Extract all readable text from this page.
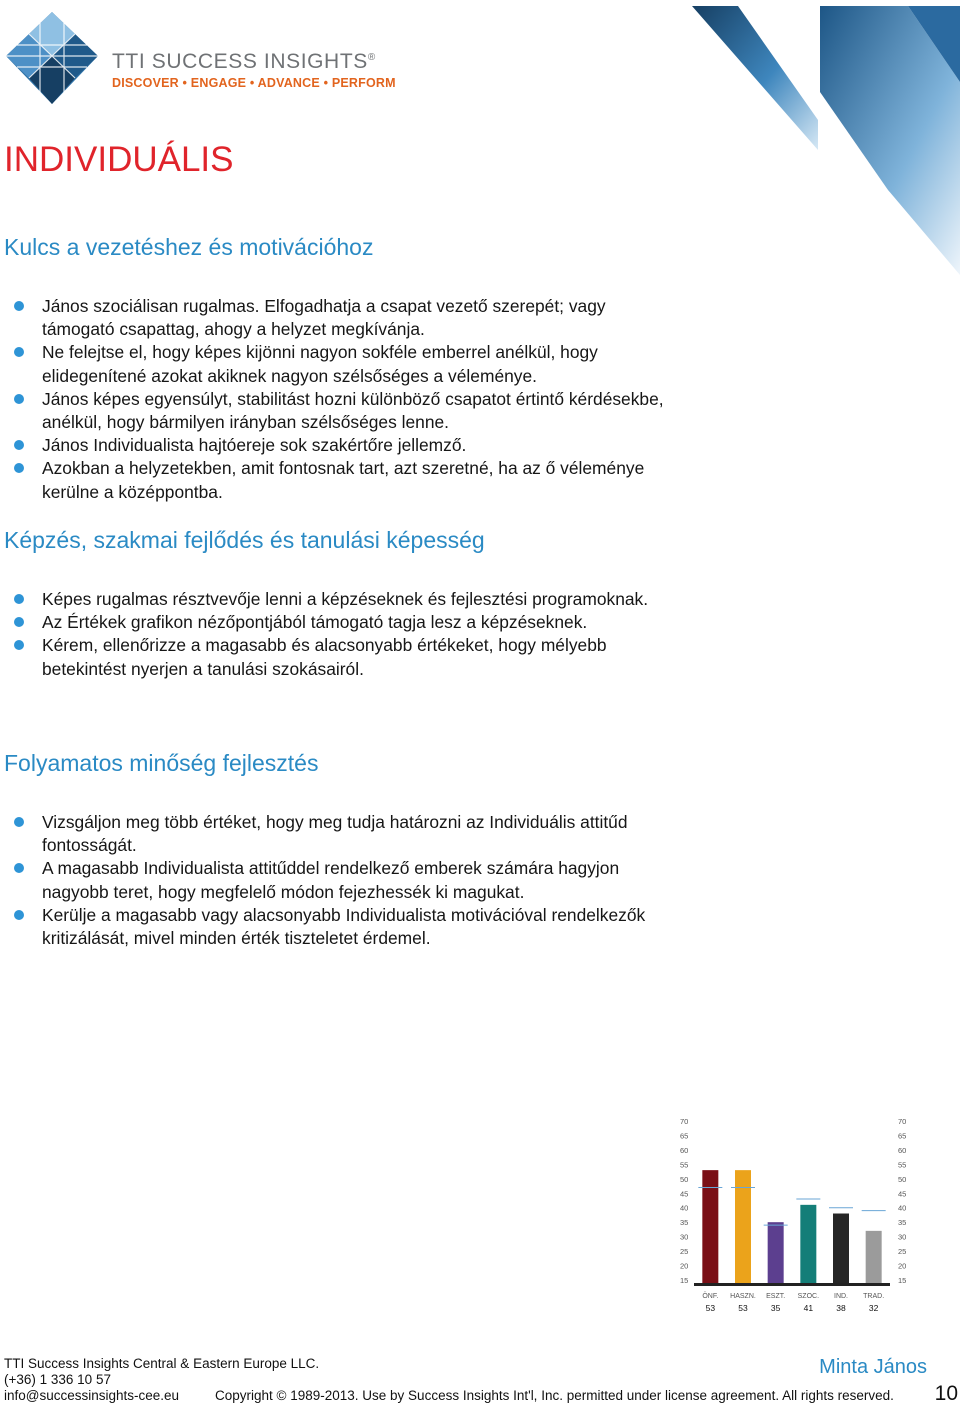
TTI SUCCESS INSIGHTS®
DISCOVER • ENGAGE • ADVANCE • PERFORM
INDIVIDUÁLIS
Kulcs a vezetéshez és motivációhoz
János szociálisan rugalmas. Elfogadhatja a csapat vezető szerepét; vagy támogató csapattag, ahogy a helyzet megkívánja.
Ne felejtse el, hogy képes kijönni nagyon sokféle emberrel anélkül, hogy elidegenítené azokat akiknek nagyon szélsőséges a véleménye.
János képes egyensúlyt, stabilitást hozni különböző csapatot értintő kérdésekbe, anélkül, hogy bármilyen irányban szélsőséges lenne.
János Individualista hajtóereje sok szakértőre jellemző.
Azokban a helyzetekben, amit fontosnak tart, azt szeretné, ha az ő véleménye kerülne a középpontba.
Képzés, szakmai fejlődés és tanulási képesség
Képes rugalmas résztvevője lenni a képzéseknek és fejlesztési programoknak.
Az Értékek grafikon nézőpontjából támogató tagja lesz a képzéseknek.
Kérem, ellenőrizze a magasabb és alacsonyabb értékeket, hogy mélyebb betekintést nyerjen a tanulási szokásairól.
Folyamatos minőség fejlesztés
Vizsgáljon meg több értéket, hogy meg tudja határozni az Individuális attitűd fontosságát.
A magasabb Individualista attitűddel rendelkező emberek számára hagyjon nagyobb teret, hogy megfelelő módon fejezhessék ki magukat.
Kerülje a magasabb vagy alacsonyabb Individualista motivációval rendelkezők kritizálását, mivel minden érték tiszteletet érdemel.
70	70
65	65
60	60
55	55
50	50
45	45
40	40
35	35
30	30
25	25
20	20
15	15
ÖNF.
53
HASZN.
53
ESZT.
35
SZOC.
41
IND.
38
TRAD.
32
TTI Success Insights Central & Eastern Europe LLC.
(+36) 1 336 10 57
info@successinsights-cee.eu	Copyright © 1989-2013. Use by Success Insights Int'l, Inc. permitted under license agreement. All rights reserved.
Minta János
10
